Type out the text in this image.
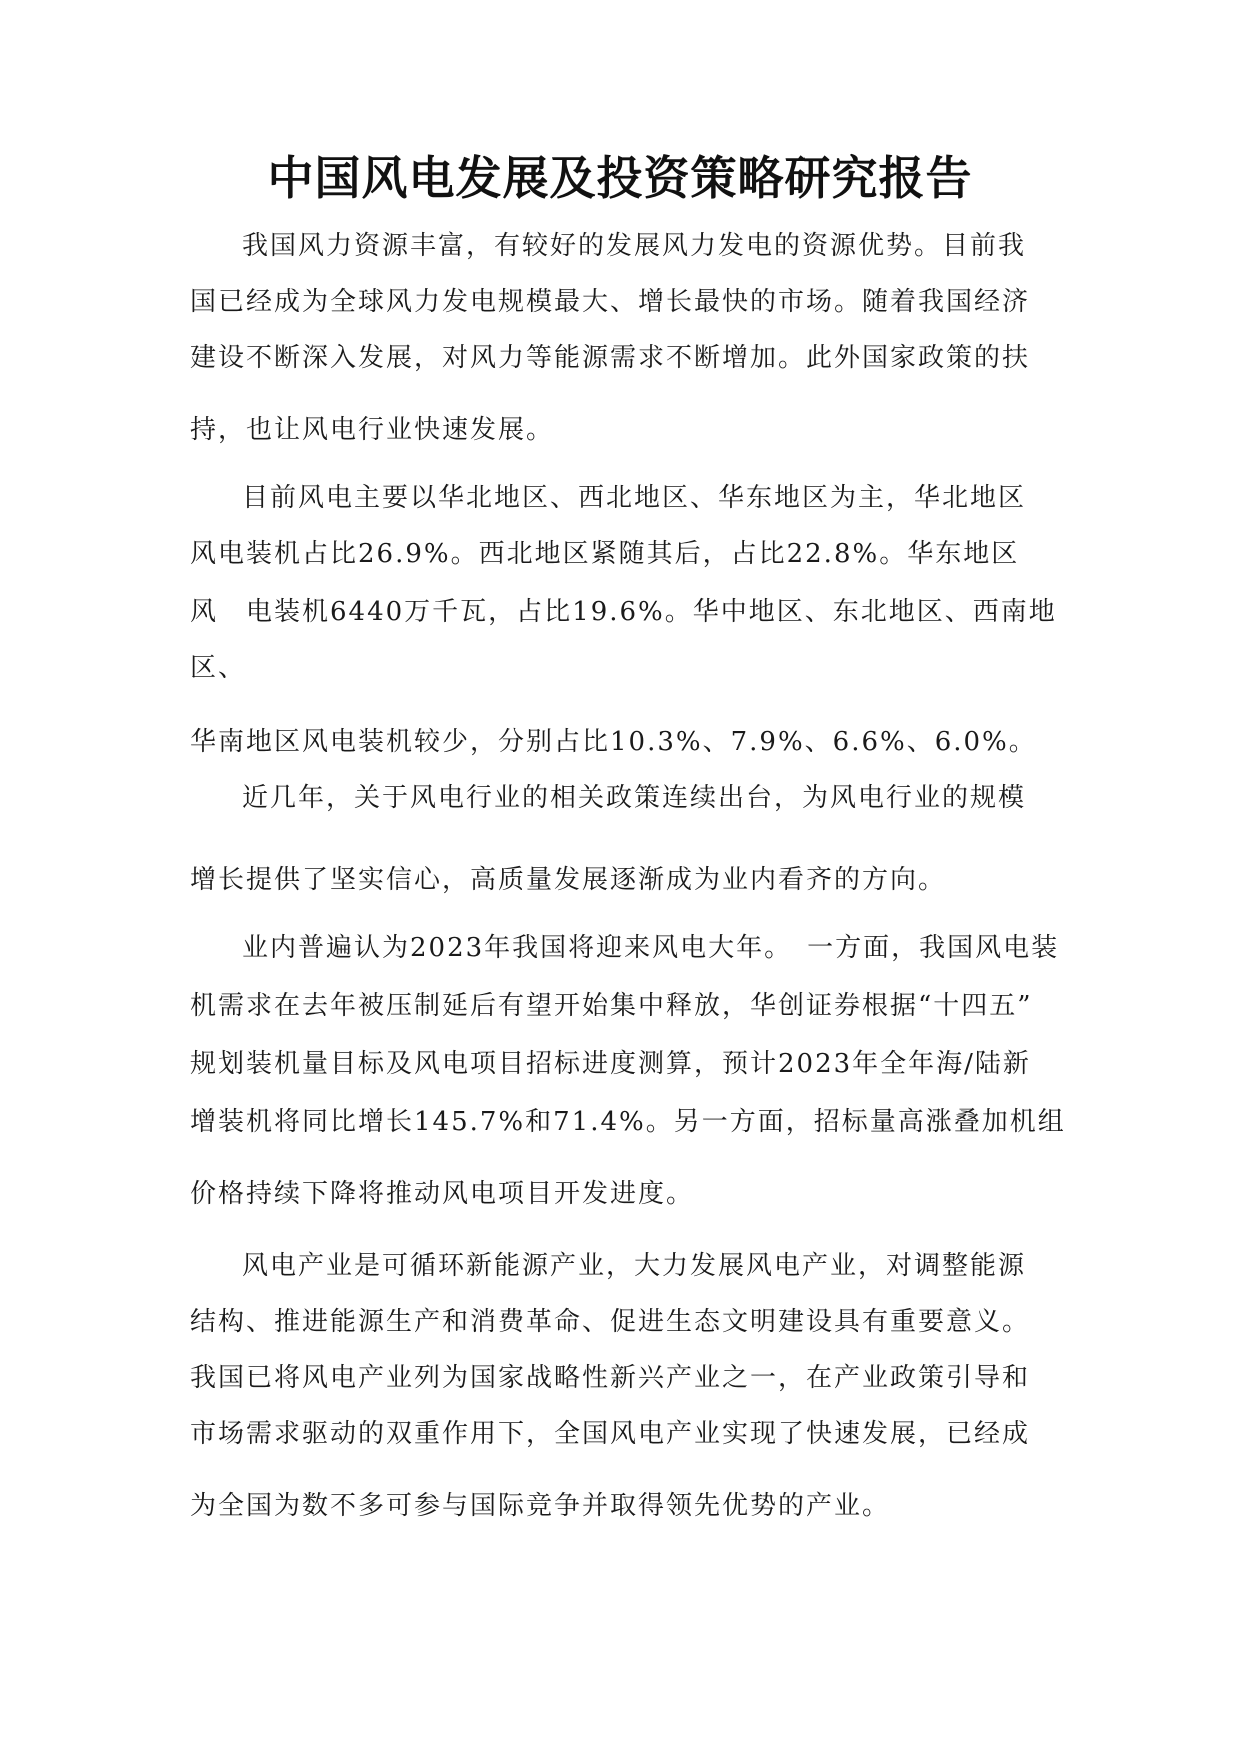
中国风电发展及投资策略研究报告
我国风力资源丰富，有较好的发展风力发电的资源优势。目前我
国已经成为全球风力发电规模最大、增长最快的市场。随着我国经济
建设不断深入发展，对风力等能源需求不断增加。此外国家政策的扶
持，也让风电行业快速发展。
目前风电主要以华北地区、西北地区、华东地区为主，华北地区
风电装机占比26.9%。西北地区紧随其后，占比22.8%。华东地区
风　电装机6440万千瓦，占比19.6%。华中地区、东北地区、西南地
区、
华南地区风电装机较少，分别占比10.3%、7.9%、6.6%、6.0%。
近几年，关于风电行业的相关政策连续出台，为风电行业的规模
增长提供了坚实信心，高质量发展逐渐成为业内看齐的方向。
业内普遍认为2023年我国将迎来风电大年。　一方面，我国风电装
机需求在去年被压制延后有望开始集中释放，华创证券根据“十四五”
规划装机量目标及风电项目招标进度测算，预计2023年全年海/陆新
增装机将同比增长145.7%和71.4%。另一方面，招标量高涨叠加机组
价格持续下降将推动风电项目开发进度。
风电产业是可循环新能源产业，大力发展风电产业，对调整能源
结构、推进能源生产和消费革命、促进生态文明建设具有重要意义。
我国已将风电产业列为国家战略性新兴产业之一，在产业政策引导和
市场需求驱动的双重作用下，全国风电产业实现了快速发展，已经成
为全国为数不多可参与国际竞争并取得领先优势的产业。
